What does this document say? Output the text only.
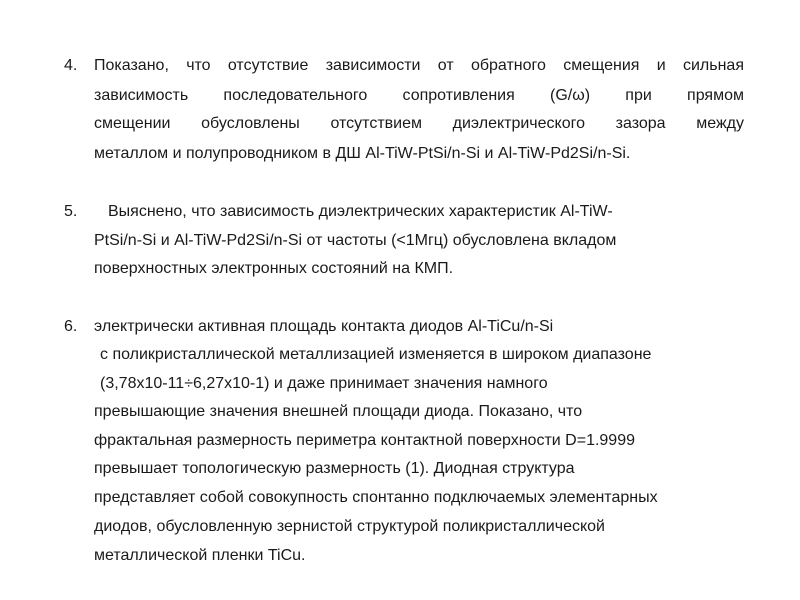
4. Показано, что отсутствие зависимости от обратного смещения и сильная
зависимость последовательного сопротивления (G/ω) при прямом
смещении обусловлены отсутствием диэлектрического зазора между
металлом и полупроводником в ДШ Al-TiW-PtSi/n-Si и Al-TiW-Pd2Si/n-Si.
5. Выяснено, что зависимость диэлектрических характеристик Al-TiW-
PtSi/n-Si и Al-TiW-Pd2Si/n-Si от частоты (<1Mгц) обусловлена вкладом
поверхностных электронных состояний на КМП.
6. электрически активная площадь контакта диодов Al-TiCu/n-Si
с поликристаллической металлизацией изменяется в широком диапазоне
(3,78х10-11÷6,27х10-1) и даже принимает значения намного
превышающие значения внешней площади диода. Показано, что
фрактальная размерность периметра контактной поверхности D=1.9999
превышает топологическую размерность (1). Диодная структура
представляет собой совокупность спонтанно подключаемых элементарных
диодов, обусловленную зернистой структурой поликристаллической
металлической пленки TiCu.
